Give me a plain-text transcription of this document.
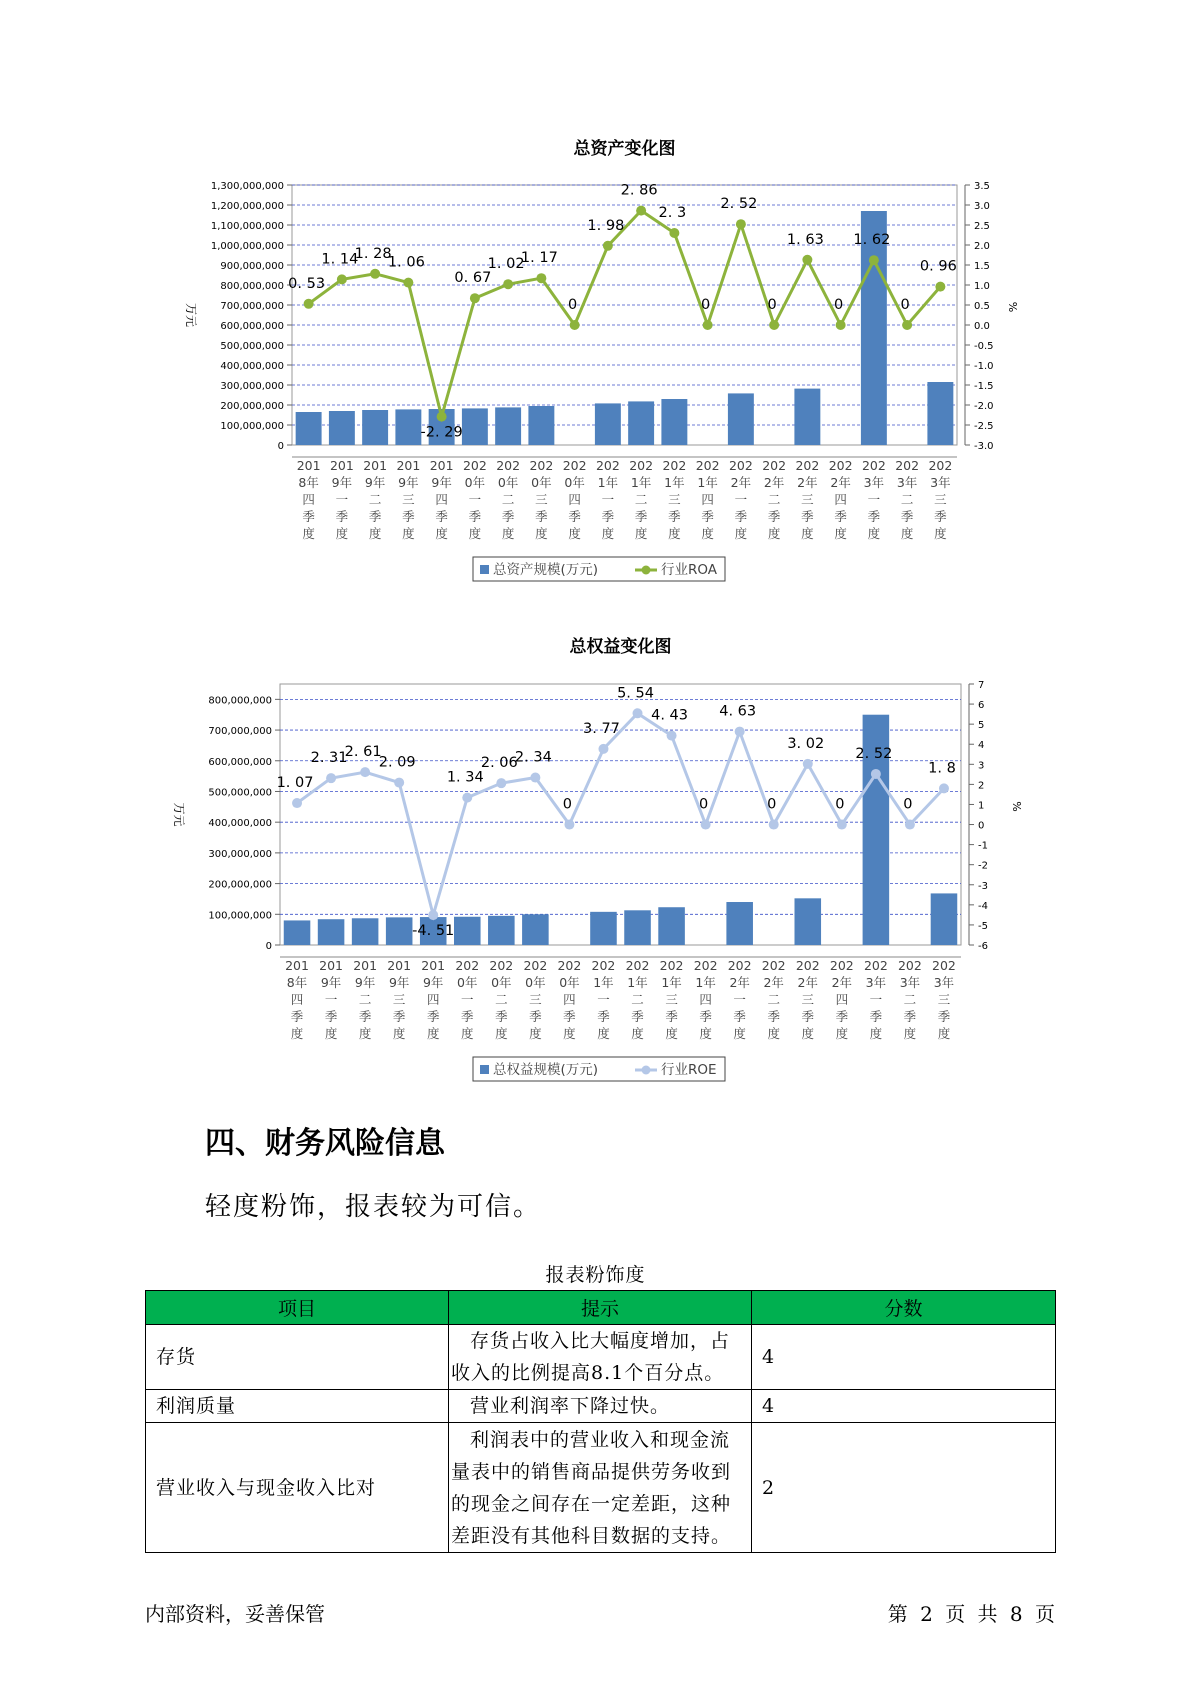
总资产变化图
0
100,000,000
200,000,000
300,000,000
400,000,000
500,000,000
600,000,000
700,000,000
800,000,000
900,000,000
1,000,000,000
1,100,000,000
1,200,000,000
1,300,000,000
万元
-3.0
-2.5
-2.0
-1.5
-1.0
-0.5
0.0
0.5
1.0
1.5
2.0
2.5
3.0
3.5
%
201 8年四季度
201 9年一季度
201 9年二季度
201 9年三季度
201 9年四季度
202 0年一季度
202 0年二季度
202 0年三季度
202 0年四季度
202 1年一季度
202 1年二季度
202 1年三季度
202 1年四季度
202 2年一季度
202 2年二季度
202 2年三季度
202 2年四季度
202 3年一季度
202 3年二季度
202 3年三季度
0. 53
1. 14
1. 28
1. 06
-2. 29
0. 67
1. 02
1. 17
0
1. 98
2. 86
2. 3
0
2. 52
0
1. 63
0
1. 62
0
0. 96
总资产规模(万元)	行业ROA
总权益变化图
0
100,000,000
200,000,000
300,000,000
400,000,000
500,000,000
600,000,000
700,000,000
800,000,000
万元
-6
-5
-4
-3
-2
-1
0
1
2
3
4
5
6
7
%
201 8年四季度
201 9年一季度
201 9年二季度
201 9年三季度
201 9年四季度
202 0年一季度
202 0年二季度
202 0年三季度
202 0年四季度
202 1年一季度
202 1年二季度
202 1年三季度
202 1年四季度
202 2年一季度
202 2年二季度
202 2年三季度
202 2年四季度
202 3年一季度
202 3年二季度
202 3年三季度
1. 07
2. 31
2. 61
2. 09
-4. 51
1. 34
2. 06
2. 34
0
3. 77
5. 54
4. 43
0
4. 63
0
3. 02
0
2. 52
0
1. 8
总权益规模(万元)	行业ROE
四、财务风险信息

轻度粉饰，报表较为可信。

报表粉饰度
项目	提示	分数
存货	存货占收入比大幅度增加，占收入的比例提高8.1个百分点。	4
利润质量	营业利润率下降过快。	4
营业收入与现金收入比对	利润表中的营业收入和现金流量表中的销售商品提供劳务收到的现金之间存在一定差距，这种差距没有其他科目数据的支持。	2
内部资料，妥善保管	第 2 页 共 8 页
